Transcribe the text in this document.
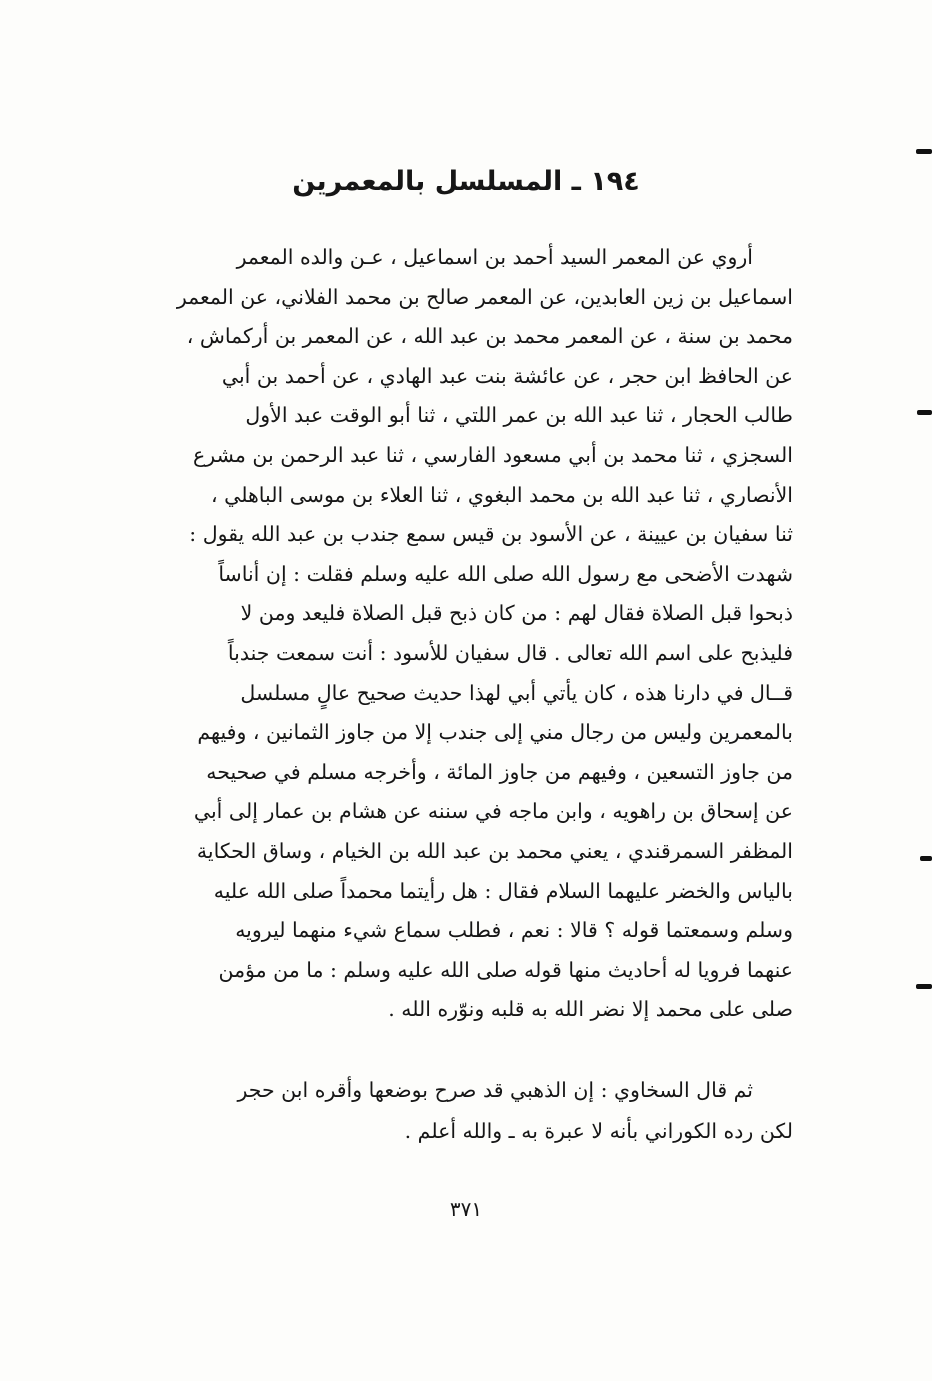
١٩٤ ـ المسلسل بالمعمرين
أروي عن المعمر السيد أحمد بن اسماعيل ، عـن والده المعمر
اسماعيل بن زين العابدين، عن المعمر صالح بن محمد الفلاني، عن المعمر
محمد بن سنة ، عن المعمر محمد بن عبد الله ، عن المعمر بن أركماش ،
عن الحافظ ابن حجر ، عن عائشة بنت عبد الهادي ، عن أحمد بن أبي
طالب الحجار ، ثنا عبد الله بن عمر اللتي ، ثنا أبو الوقت عبد الأول
السجزي ، ثنا محمد بن أبي مسعود الفارسي ، ثنا عبد الرحمن بن مشرع
الأنصاري ، ثنا عبد الله بن محمد البغوي ، ثنا العلاء بن موسى الباهلي ،
ثنا سفيان بن عيينة ، عن الأسود بن قيس سمع جندب بن عبد الله يقول :
شهدت الأضحى مع رسول الله صلى الله عليه وسلم فقلت : إن أناساً
ذبحوا قبل الصلاة فقال لهم : من كان ذبح قبل الصلاة فليعد ومن لا
فليذبح على اسم الله تعالى . قال سفيان للأسود : أنت سمعت جندباً
قــال في دارنا هذه ، كان يأتي أبي لهذا حديث صحيح عالٍ مسلسل
بالمعمرين وليس من رجال مني إلى جندب إلا من جاوز الثمانين ، وفيهم
من جاوز التسعين ، وفيهم من جاوز المائة ، وأخرجه مسلم في صحيحه
عن إسحاق بن راهويه ، وابن ماجه في سننه عن هشام بن عمار إلى أبي
المظفر السمرقندي ، يعني محمد بن عبد الله بن الخيام ، وساق الحكاية
بالياس والخضر عليهما السلام فقال : هل رأيتما محمداً صلى الله عليه
وسلم وسمعتما قوله ؟ قالا : نعم ، فطلب سماع شيء منهما ليرويه
عنهما فرويا له أحاديث منها قوله صلى الله عليه وسلم : ما من مؤمن
صلى على محمد إلا نضر الله به قلبه ونوّره الله .
ثم قال السخاوي : إن الذهبي قد صرح بوضعها وأقره ابن حجر
لكن رده الكوراني بأنه لا عبرة به ـ والله أعلم .
٣٧١
